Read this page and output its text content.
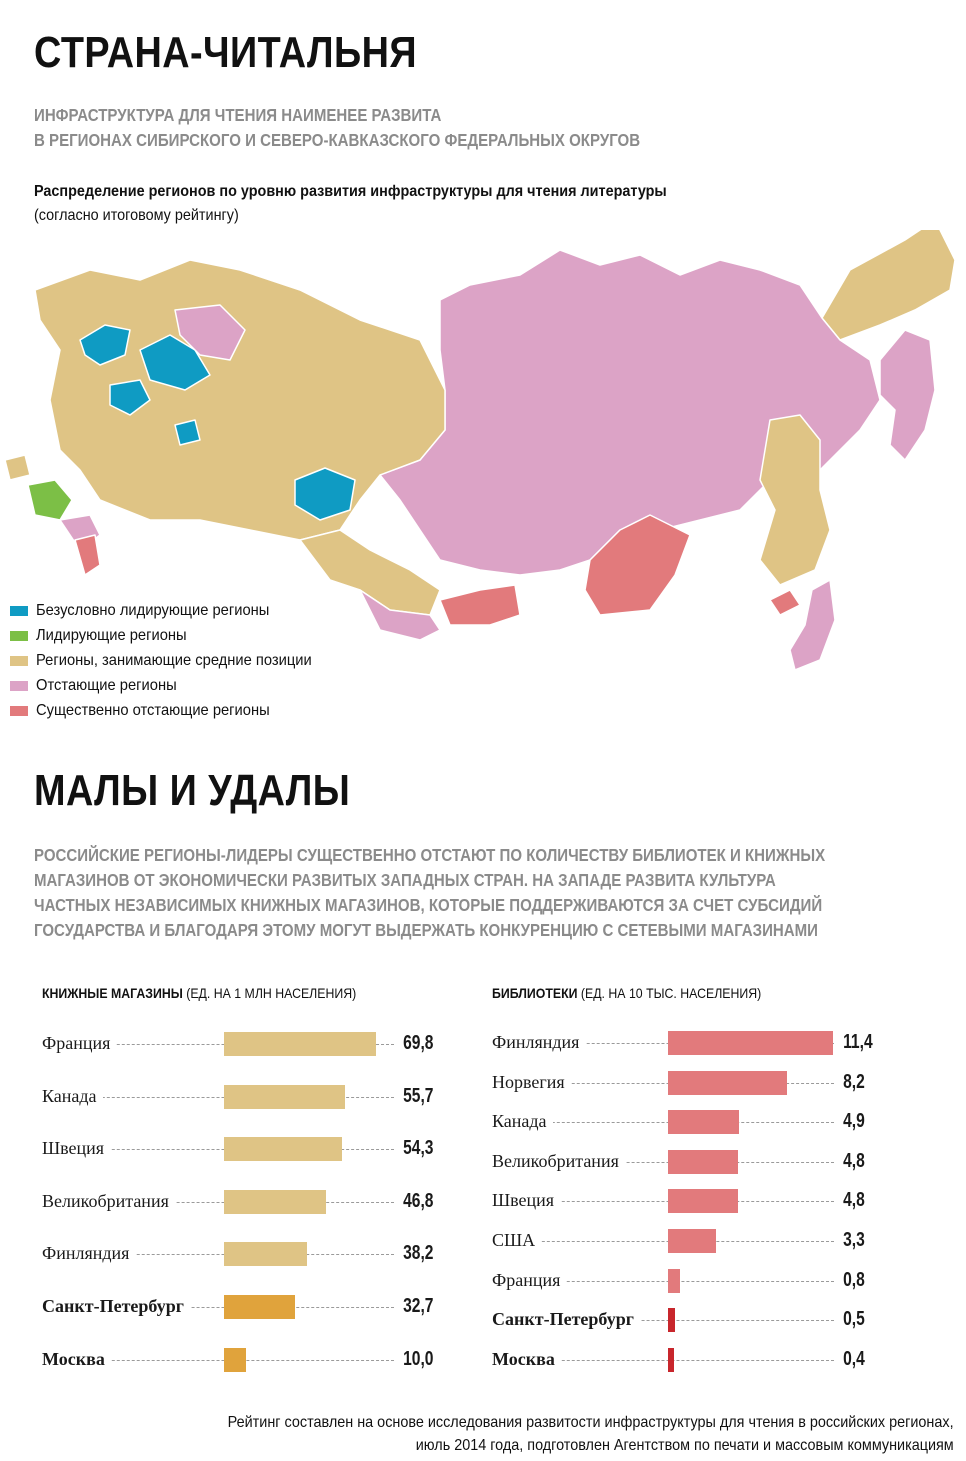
СТРАНА-ЧИТАЛЬНЯ
ИНФРАСТРУКТУРА ДЛЯ ЧТЕНИЯ НАИМЕНЕЕ РАЗВИТА
В РЕГИОНАХ СИБИРСКОГО И СЕВЕРО-КАВКАЗСКОГО ФЕДЕРАЛЬНЫХ ОКРУГОВ
Распределение регионов по уровню развития инфраструктуры для чтения литературы
(согласно итоговому рейтингу)
Безусловно лидирующие регионы
Лидирующие регионы
Регионы, занимающие средние позиции
Отстающие регионы
Существенно отстающие регионы
МАЛЫ И УДАЛЫ
РОССИЙСКИЕ РЕГИОНЫ-ЛИДЕРЫ СУЩЕСТВЕННО ОТСТАЮТ ПО КОЛИЧЕСТВУ БИБЛИОТЕК И КНИЖНЫХ
МАГАЗИНОВ ОТ ЭКОНОМИЧЕСКИ РАЗВИТЫХ ЗАПАДНЫХ СТРАН. НА ЗАПАДЕ РАЗВИТА КУЛЬТУРА
ЧАСТНЫХ НЕЗАВИСИМЫХ КНИЖНЫХ МАГАЗИНОВ, КОТОРЫЕ ПОДДЕРЖИВАЮТСЯ ЗА СЧЕТ СУБСИДИЙ
ГОСУДАРСТВА И БЛАГОДАРЯ ЭТОМУ МОГУТ ВЫДЕРЖАТЬ КОНКУРЕНЦИЮ С СЕТЕВЫМИ МАГАЗИНАМИ
КНИЖНЫЕ МАГАЗИНЫ (ЕД. НА 1 МЛН НАСЕЛЕНИЯ)	БИБЛИОТЕКИ (ЕД. НА 10 ТЫС. НАСЕЛЕНИЯ)
Франция	69,8
Канада	55,7
Швеция	54,3
Великобритания	46,8
Финляндия	38,2
Санкт-Петербург	32,7
Москва	10,0
Финляндия	11,4
Норвегия	8,2
Канада	4,9
Великобритания	4,8
Швеция	4,8
США	3,3
Франция	0,8
Санкт-Петербург	0,5
Москва	0,4
Рейтинг составлен на основе исследования развитости инфраструктуры для чтения в российских регионах,
июль 2014 года, подготовлен Агентством по печати и массовым коммуникациям
